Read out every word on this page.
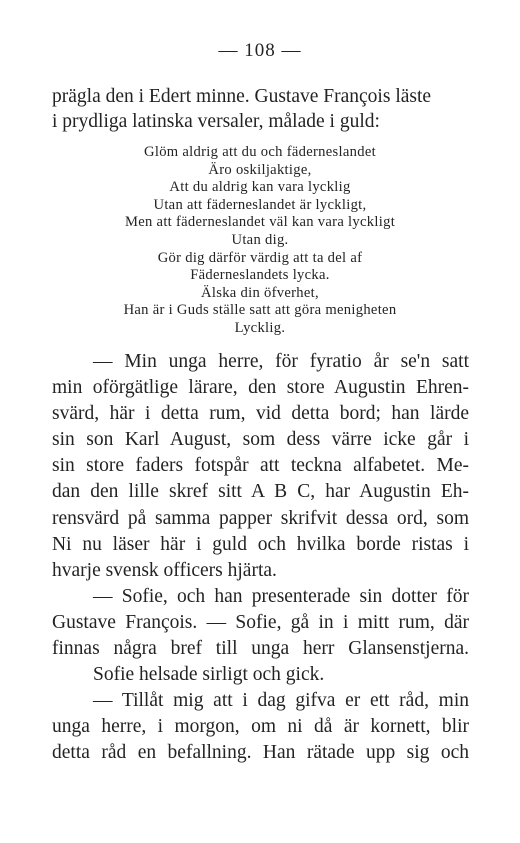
— 108 —
prägla den i Edert minne. Gustave François läste
i prydliga latinska versaler, målade i guld:
Glöm aldrig att du och fäderneslandet
Äro oskiljaktige,
Att du aldrig kan vara lycklig
Utan att fäderneslandet är lyckligt,
Men att fäderneslandet väl kan vara lyckligt
Utan dig.
Gör dig därför värdig att ta del af
Fäderneslandets lycka.
Älska din öfverhet,
Han är i Guds ställe satt att göra menigheten
Lycklig.
— Min unga herre, för fyratio år se'n satt
min oförgätlige lärare, den store Augustin Ehren-
svärd, här i detta rum, vid detta bord; han lärde
sin son Karl August, som dess värre icke går i
sin store faders fotspår att teckna alfabetet. Me-
dan den lille skref sitt A B C, har Augustin Eh-
rensvärd på samma papper skrifvit dessa ord, som
Ni nu läser här i guld och hvilka borde ristas i
hvarje svensk officers hjärta.
— Sofie, och han presenterade sin dotter för
Gustave François. — Sofie, gå in i mitt rum, där
finnas några bref till unga herr Glansenstjerna.
Sofie helsade sirligt och gick.
— Tillåt mig att i dag gifva er ett råd, min
unga herre, i morgon, om ni då är kornett, blir
detta råd en befallning. Han rätade upp sig och
